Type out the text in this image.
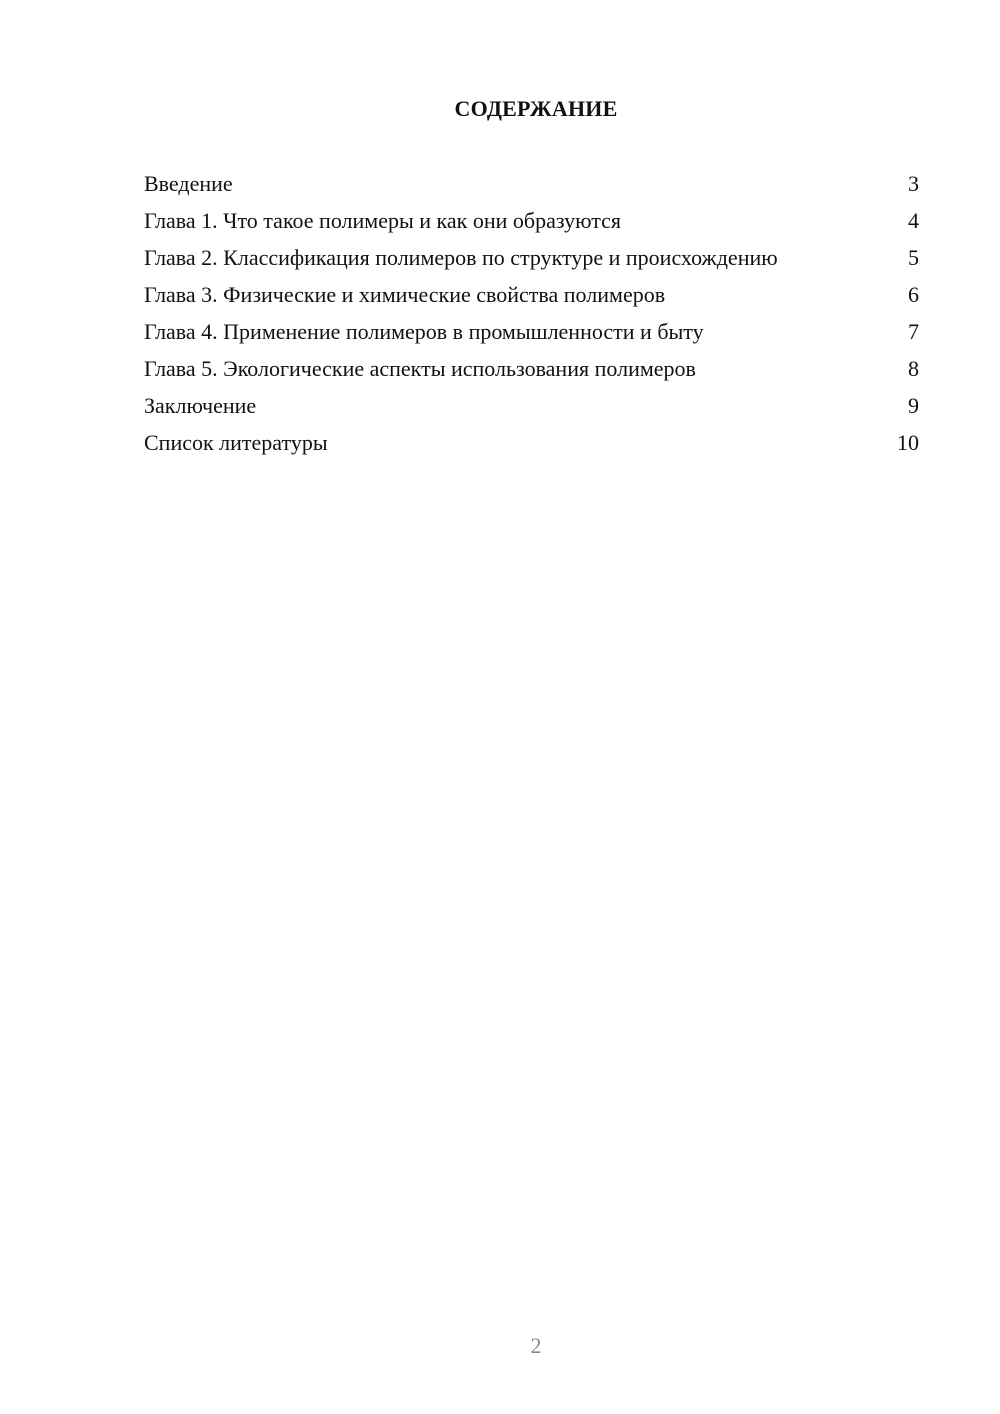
СОДЕРЖАНИЕ
Введение	3
Глава 1. Что такое полимеры и как они образуются	4
Глава 2. Классификация полимеров по структуре и происхождению	5
Глава 3. Физические и химические свойства полимеров	6
Глава 4. Применение полимеров в промышленности и быту	7
Глава 5. Экологические аспекты использования полимеров	8
Заключение	9
Список литературы	10
2
